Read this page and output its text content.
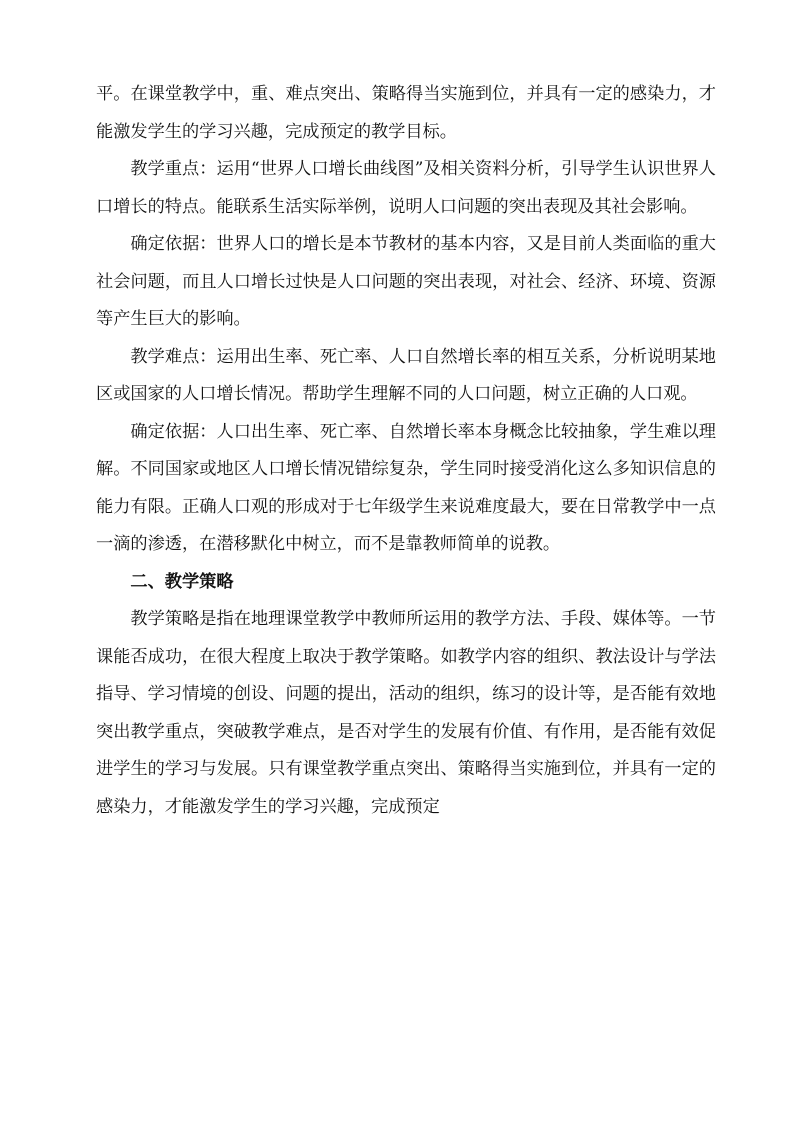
平。在课堂教学中，重、难点突出、策略得当实施到位，并具有一定的感染力，才能激发学生的学习兴趣，完成预定的教学目标。

教学重点：运用“世界人口增长曲线图”及相关资料分析，引导学生认识世界人口增长的特点。能联系生活实际举例，说明人口问题的突出表现及其社会影响。

确定依据：世界人口的增长是本节教材的基本内容，又是目前人类面临的重大社会问题，而且人口增长过快是人口问题的突出表现，对社会、经济、环境、资源等产生巨大的影响。

教学难点：运用出生率、死亡率、人口自然增长率的相互关系，分析说明某地区或国家的人口增长情况。帮助学生理解不同的人口问题，树立正确的人口观。

确定依据：人口出生率、死亡率、自然增长率本身概念比较抽象，学生难以理解。不同国家或地区人口增长情况错综复杂，学生同时接受消化这么多知识信息的能力有限。正确人口观的形成对于七年级学生来说难度最大，要在日常教学中一点一滴的渗透，在潜移默化中树立，而不是靠教师简单的说教。

二、教学策略

教学策略是指在地理课堂教学中教师所运用的教学方法、手段、媒体等。一节课能否成功，在很大程度上取决于教学策略。如教学内容的组织、教法设计与学法指导、学习情境的创设、问题的提出，活动的组织，练习的设计等，是否能有效地突出教学重点，突破教学难点，是否对学生的发展有价值、有作用，是否能有效促进学生的学习与发展。只有课堂教学重点突出、策略得当实施到位，并具有一定的感染力，才能激发学生的学习兴趣，完成预定
